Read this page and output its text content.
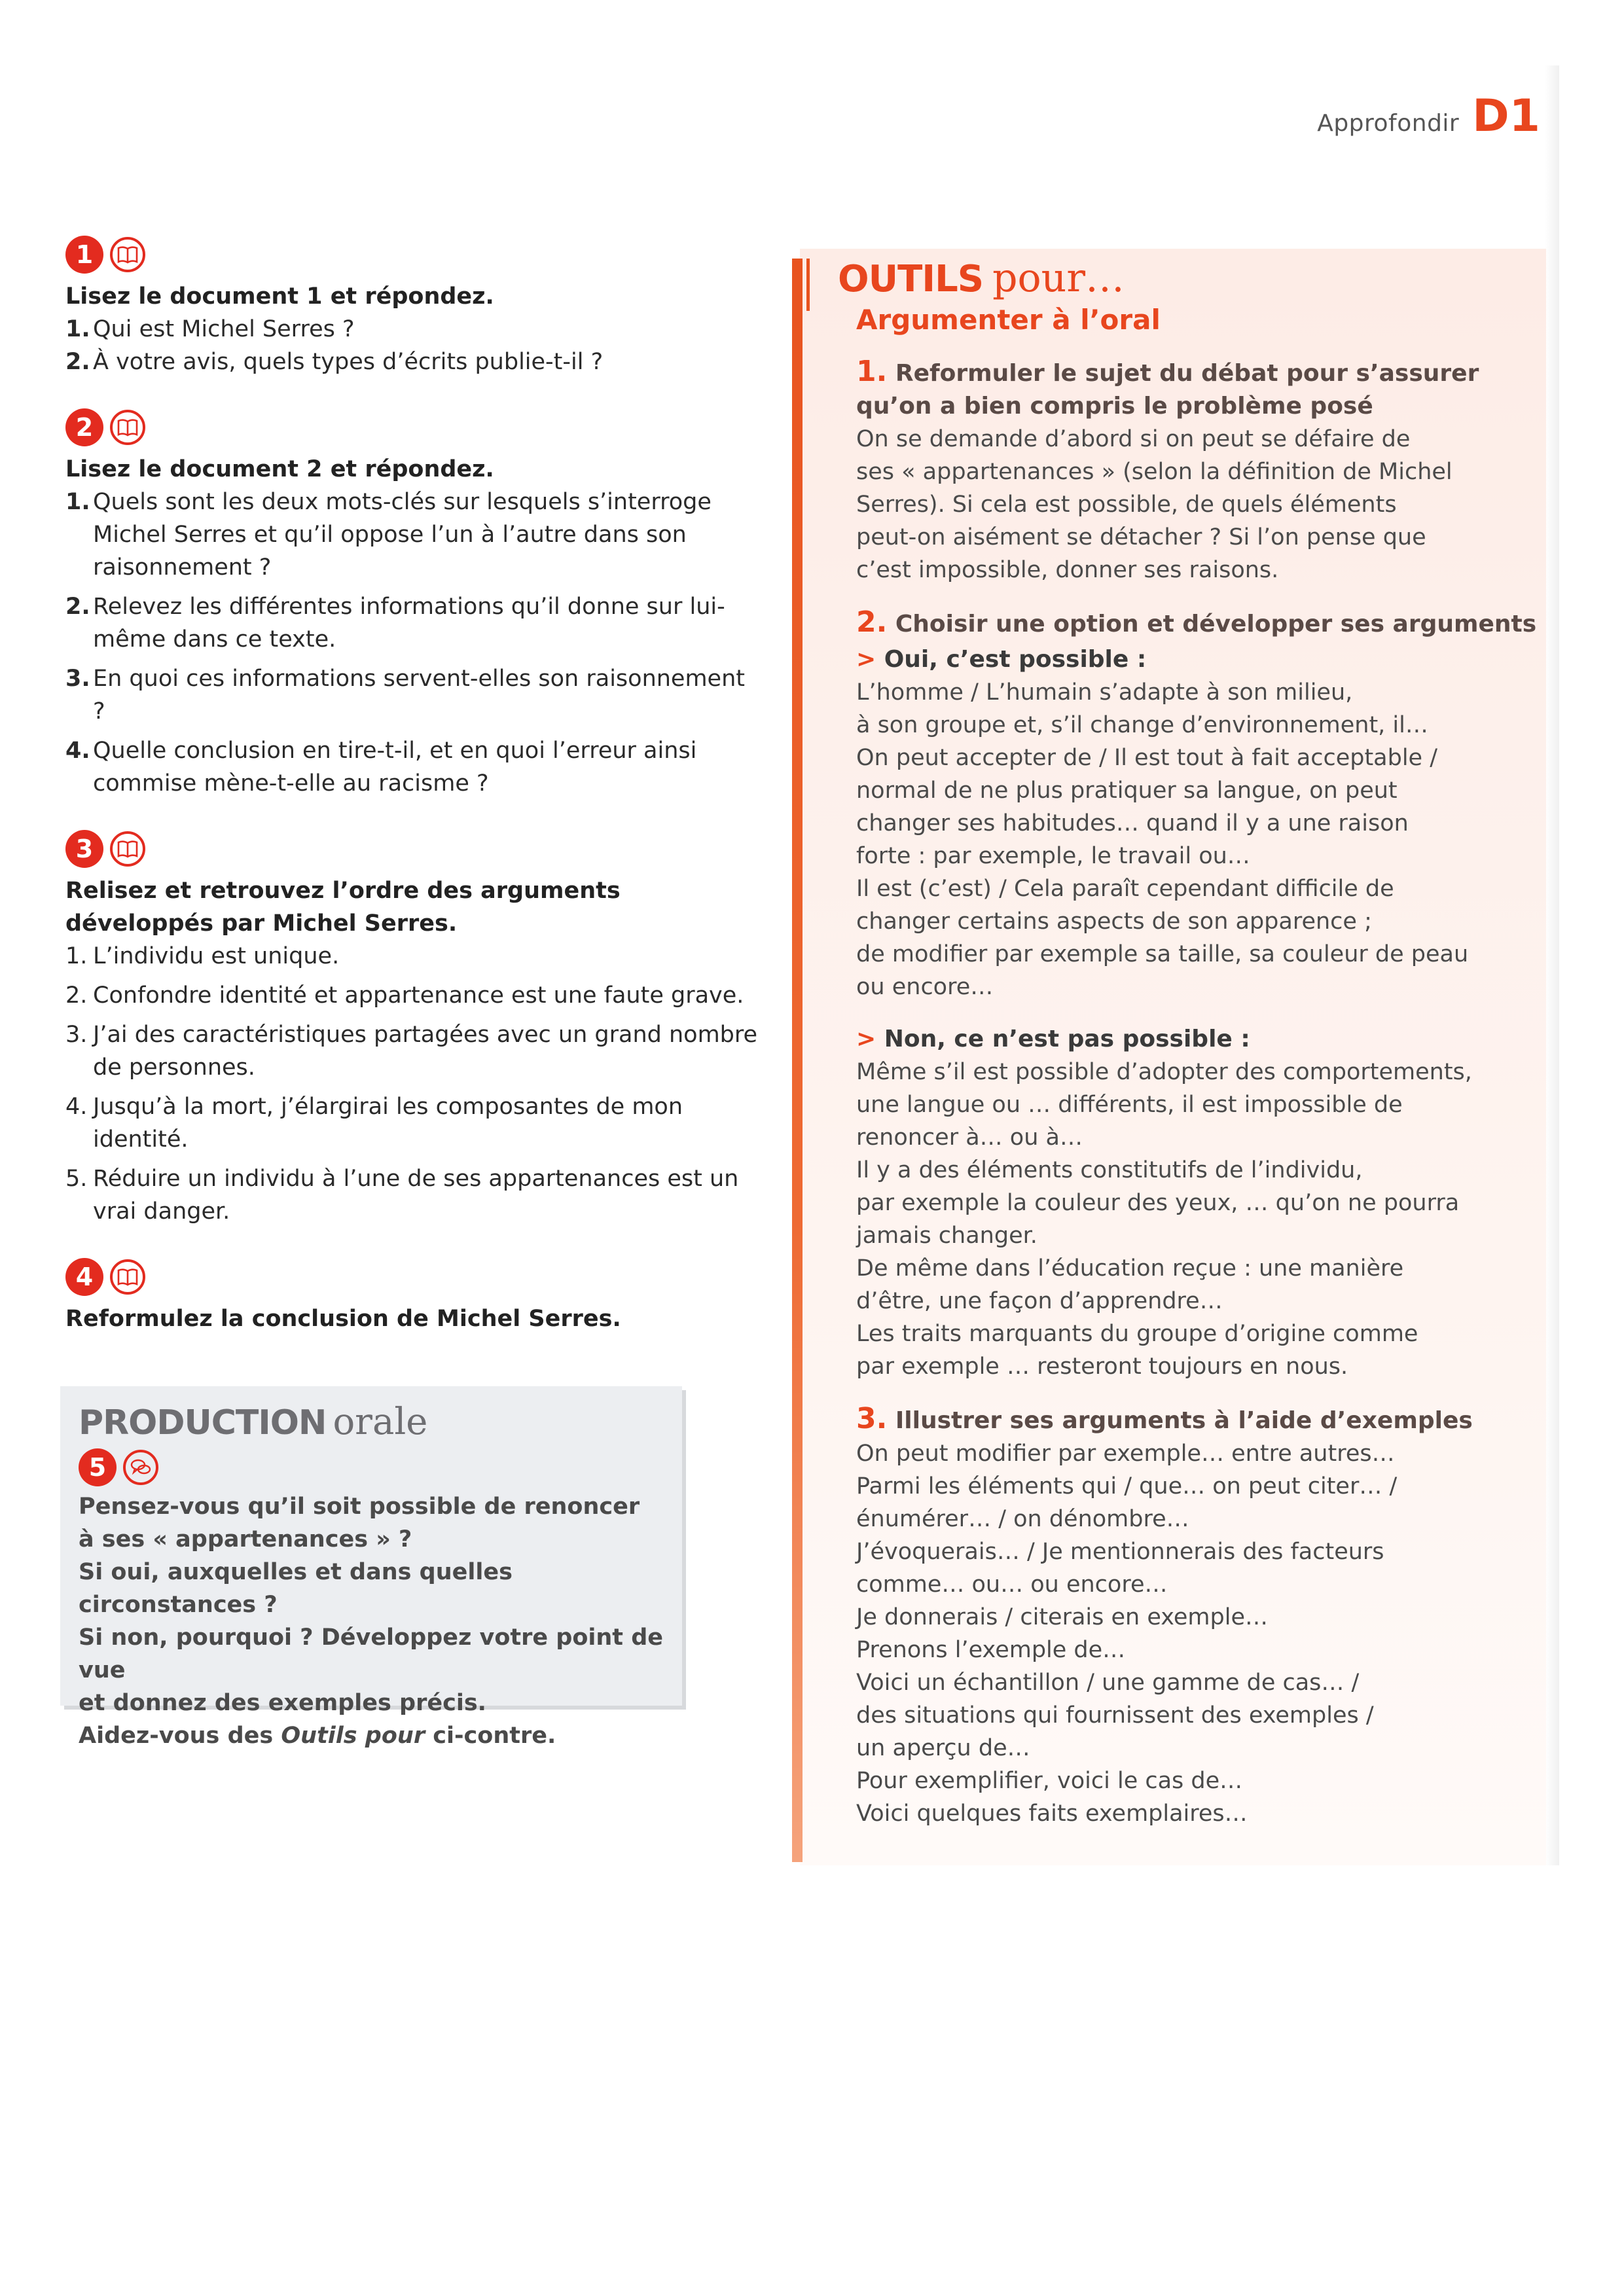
Approfondir D1
1
Lisez le document 1 et répondez.
1. Qui est Michel Serres ?
2. À votre avis, quels types d’écrits publie-t-il ?
2
Lisez le document 2 et répondez.
1. Quels sont les deux mots-clés sur lesquels s’interroge Michel Serres et qu’il oppose l’un à l’autre dans son raisonnement ?
2. Relevez les différentes informations qu’il donne sur lui-même dans ce texte.
3. En quoi ces informations servent-elles son raisonnement ?
4. Quelle conclusion en tire-t-il, et en quoi l’erreur ainsi commise mène-t-elle au racisme ?
3
Relisez et retrouvez l’ordre des arguments développés par Michel Serres.
1. L’individu est unique.
2. Confondre identité et appartenance est une faute grave.
3. J’ai des caractéristiques partagées avec un grand nombre de personnes.
4. Jusqu’à la mort, j’élargirai les composantes de mon identité.
5. Réduire un individu à l’une de ses appartenances est un vrai danger.
4
Reformulez la conclusion de Michel Serres.
PRODUCTION orale
5
Pensez-vous qu’il soit possible de renoncer
à ses « appartenances » ?
Si oui, auxquelles et dans quelles circonstances ?
Si non, pourquoi ? Développez votre point de vue
et donnez des exemples précis.
Aidez-vous des Outils pour ci-contre.
OUTILS pour…
Argumenter à l’oral
1. Reformuler le sujet du débat pour s’assurer
qu’on a bien compris le problème posé
On se demande d’abord si on peut se défaire de
ses « appartenances » (selon la définition de Michel
Serres). Si cela est possible, de quels éléments
peut-on aisément se détacher ? Si l’on pense que
c’est impossible, donner ses raisons.
2. Choisir une option et développer ses arguments
> Oui, c’est possible :
L’homme / L’humain s’adapte à son milieu,
à son groupe et, s’il change d’environnement, il…
On peut accepter de / Il est tout à fait acceptable /
normal de ne plus pratiquer sa langue, on peut
changer ses habitudes… quand il y a une raison
forte : par exemple, le travail ou…
Il est (c’est) / Cela paraît cependant difficile de
changer certains aspects de son apparence ;
de modifier par exemple sa taille, sa couleur de peau
ou encore…
> Non, ce n’est pas possible :
Même s’il est possible d’adopter des comportements,
une langue ou … différents, il est impossible de
renoncer à… ou à…
Il y a des éléments constitutifs de l’individu,
par exemple la couleur des yeux, … qu’on ne pourra
jamais changer.
De même dans l’éducation reçue : une manière
d’être, une façon d’apprendre…
Les traits marquants du groupe d’origine comme
par exemple … resteront toujours en nous.
3. Illustrer ses arguments à l’aide d’exemples
On peut modifier par exemple… entre autres…
Parmi les éléments qui / que… on peut citer… /
énumérer… / on dénombre…
J’évoquerais… / Je mentionnerais des facteurs
comme… ou… ou encore…
Je donnerais / citerais en exemple…
Prenons l’exemple de…
Voici un échantillon / une gamme de cas… /
des situations qui fournissent des exemples /
un aperçu de…
Pour exemplifier, voici le cas de…
Voici quelques faits exemplaires…
